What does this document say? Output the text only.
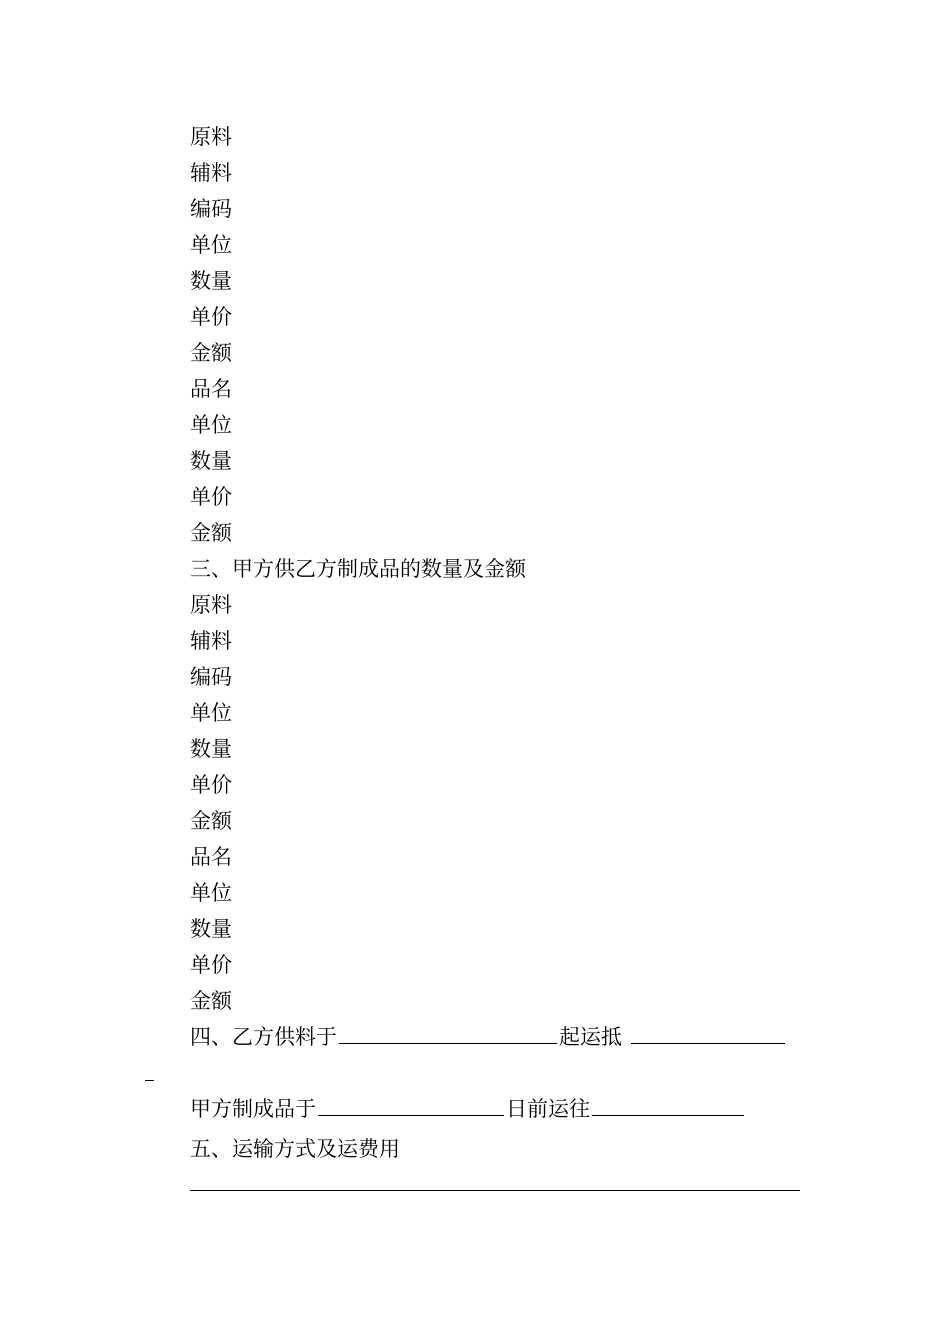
原料
辅料
编码
单位
数量
单价
金额
品名
单位
数量
单价
金额
三、甲方供乙方制成品的数量及金额
原料
辅料
编码
单位
数量
单价
金额
品名
单位
数量
单价
金额
四、乙方供料于	起运抵
甲方制成品于	日前运往
五、运输方式及运费用
